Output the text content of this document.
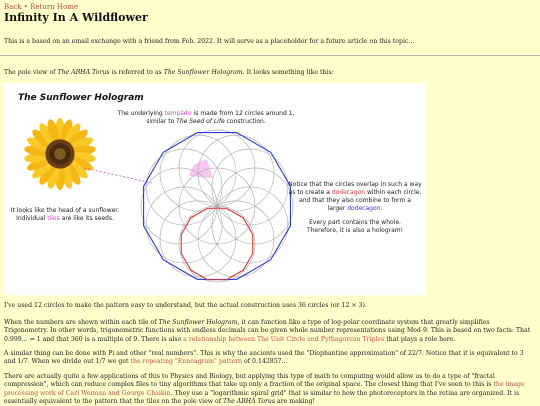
Back • Return Home
Infinity In A Wildflower
This is a based on an email exchange with a friend from Feb. 2022. It will serve as a placeholder for a future article on this topic...
The pole view of The ABHA Torus is referred to as The Sunflower Hologram. It looks something like this:
The Sunflower Hologram
The underlying template is made from 12 circles around 1,
similar to The Seed of Life construction.
It looks like the head of a sunflower.
Individual tiles are like its seeds.
Notice that the circles overlap in such a way
as to create a dodecagon within each circle,
and that they also combine to form a
larger dodecagon.
Every part contains the whole.
Therefore, it is also a hologram!
I've used 12 circles to make the pattern easy to understand, but the actual construction uses 36 circles (or 12 × 3).
When the numbers are shown within each tile of The Sunflower Hologram, it can function like a type of log-polar coordinate system that greatly simplifies Trigonometry. In other words, trigonometric functions with endless decimals can be given whole number representations using Mod-9. This is based on two facts: That 0.999... = 1 and that 360 is a multiple of 9. There is also a relationship between The Unit Circle and Pythagorean Triples that plays a role here.
A similar thing can be done with Pi and other "real numbers". This is why the ancients used the "Diophantine approximation" of 22/7. Notice that it is equivalent to 3 and 1/7. When we divide out 1/7 we get the repeating "Enneagram" pattern of 0.142857...
There are actually quite a few applications of this to Physics and Biology, but applying this type of math to computing would allow us to do a type of "fractal compression", which can reduce complex files to tiny algorithms that take up only a fraction of the original space. The closest thing that I've seen to this is the image processing work of Carl Weiman and George Chaikin. They use a "logarithmic spiral grid" that is similar to how the photoreceptors in the retina are organized. It is essentially equivalent to the pattern that the tiles on the pole view of The ABHA Torus are making!
